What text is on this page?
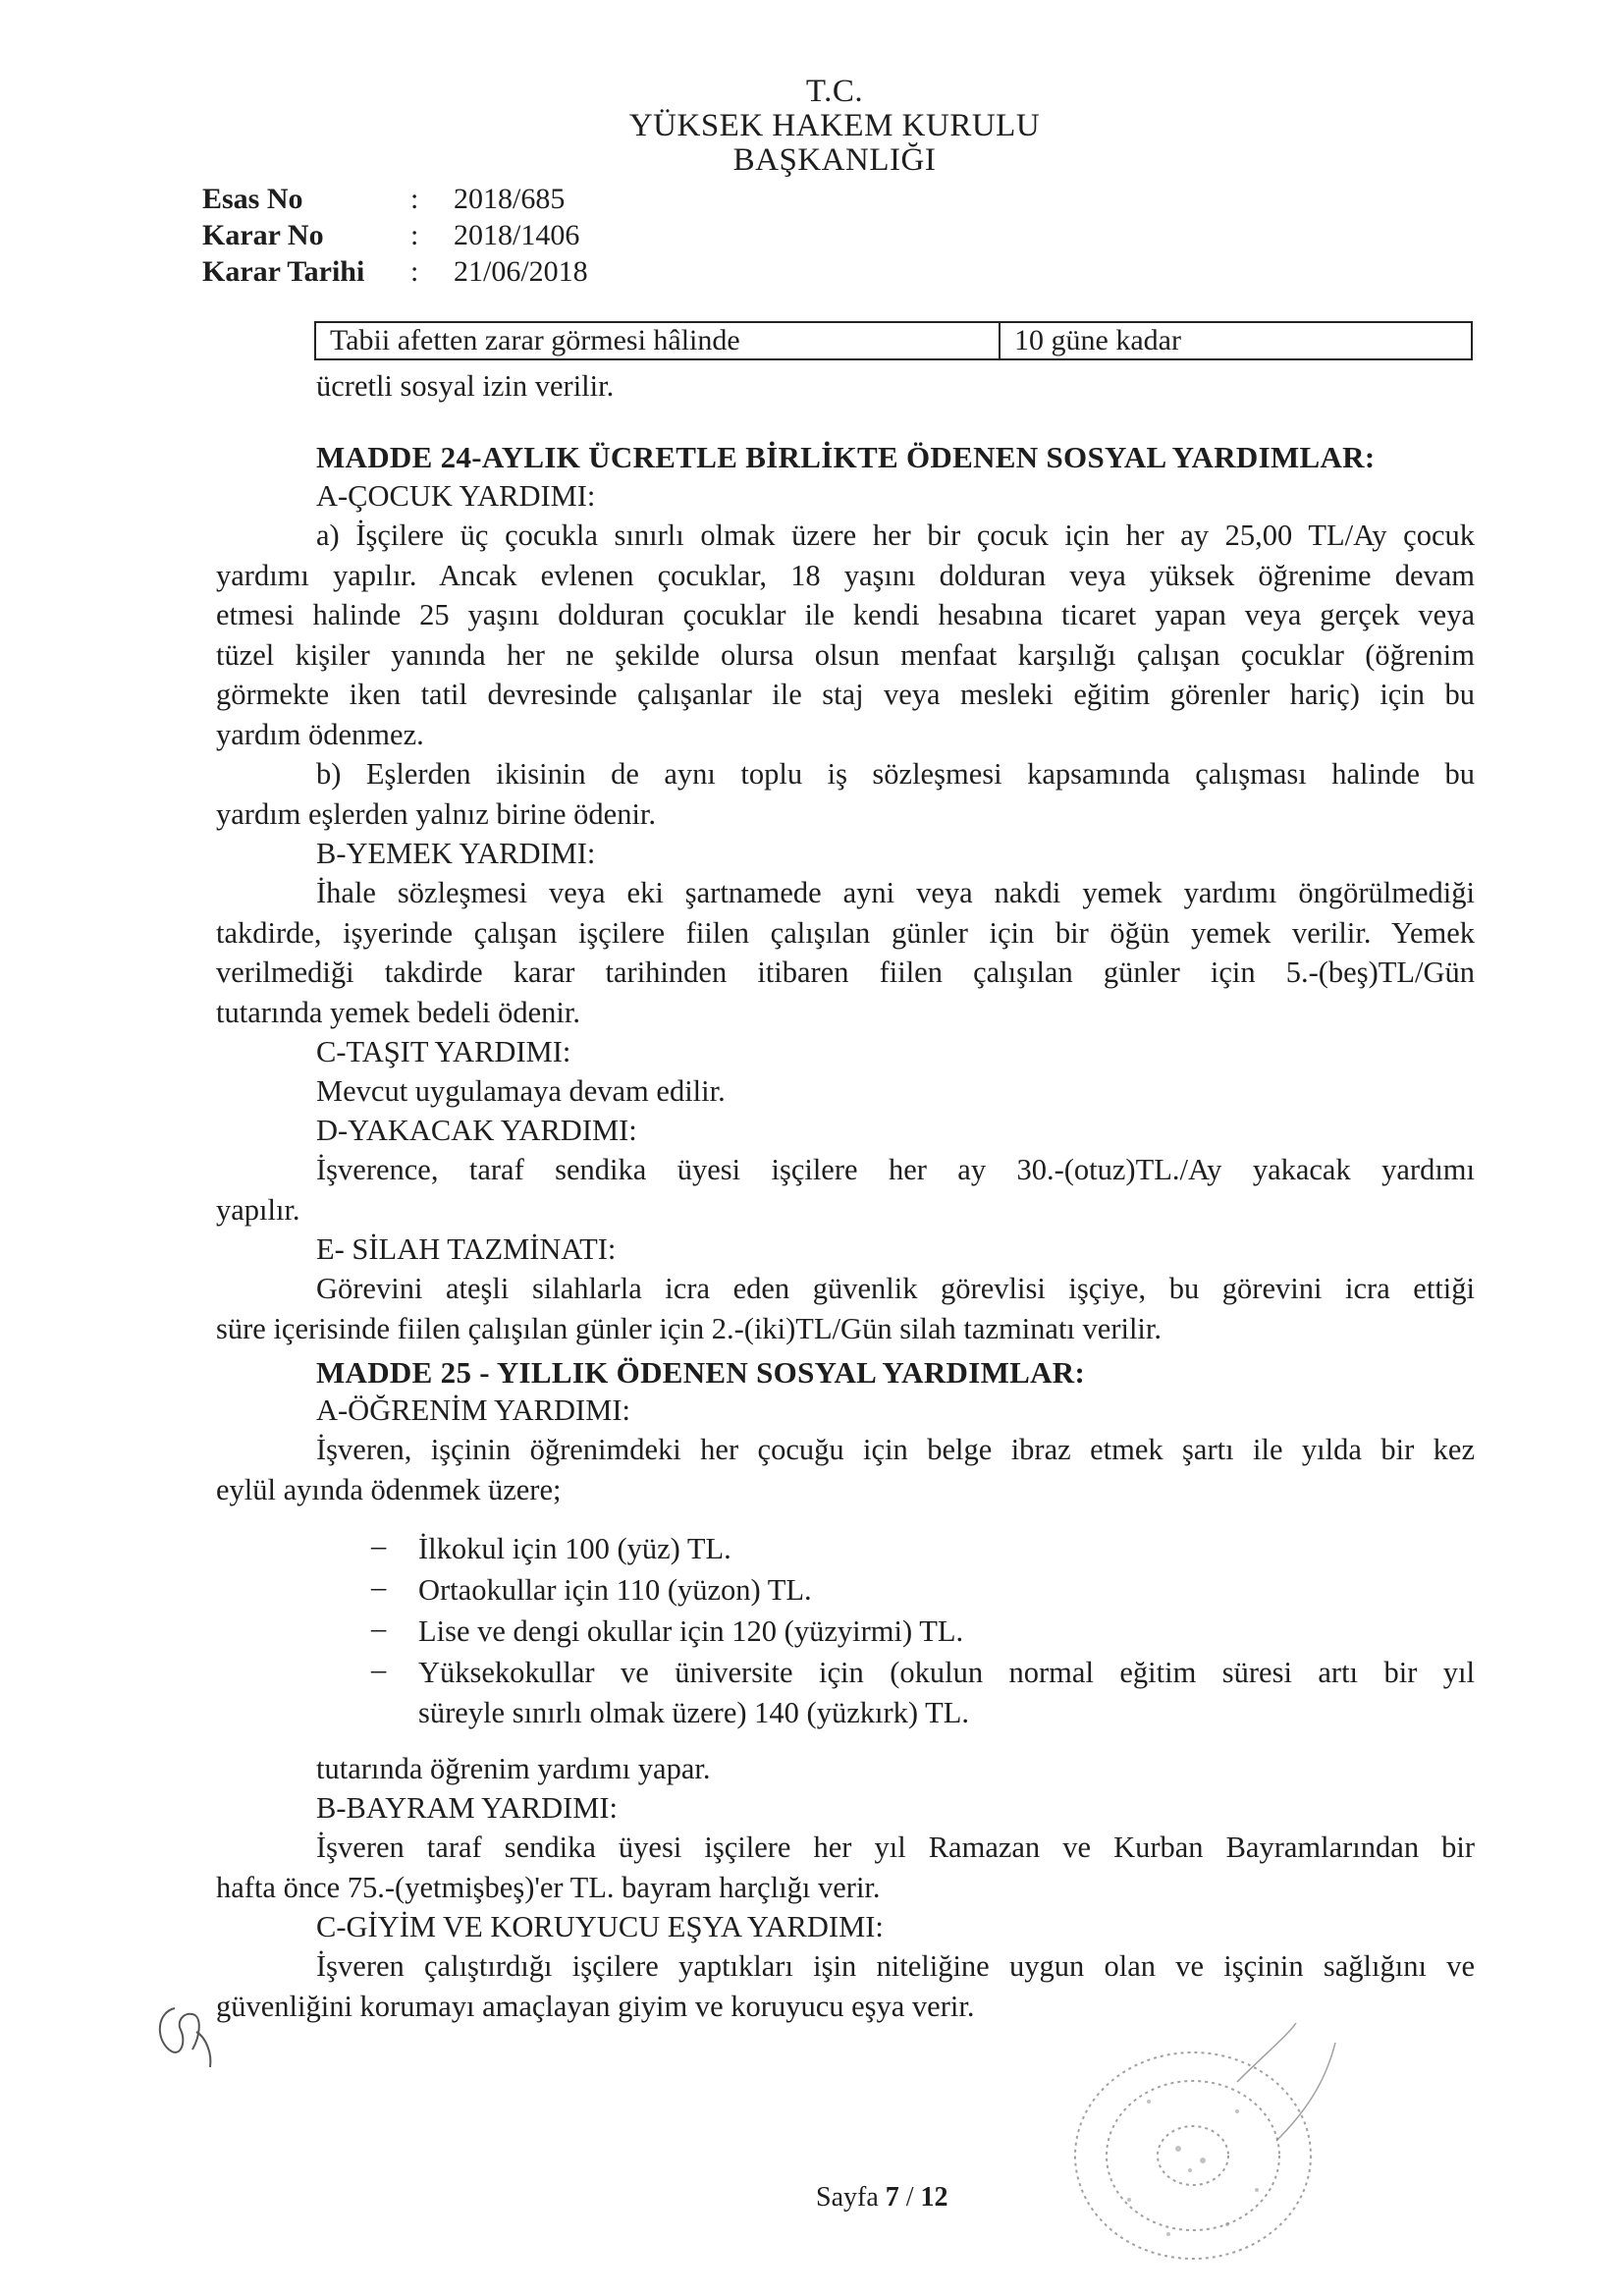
T.C.
YÜKSEK HAKEM KURULU
BAŞKANLIĞI
Esas No	: 2018/685
Karar No	: 2018/1406
Karar Tarihi : 21/06/2018
Tabii afetten zarar görmesi hâlinde	10 güne kadar
ücretli sosyal izin verilir.
MADDE 24-AYLIK ÜCRETLE BİRLİKTE ÖDENEN SOSYAL YARDIMLAR:
A-ÇOCUK YARDIMI:
a) İşçilere üç çocukla sınırlı olmak üzere her bir çocuk için her ay 25,00 TL/Ay çocuk
yardımı yapılır. Ancak evlenen çocuklar, 18 yaşını dolduran veya yüksek öğrenime devam
etmesi halinde 25 yaşını dolduran çocuklar ile kendi hesabına ticaret yapan veya gerçek veya
tüzel kişiler yanında her ne şekilde olursa olsun menfaat karşılığı çalışan çocuklar (öğrenim
görmekte iken tatil devresinde çalışanlar ile staj veya mesleki eğitim görenler hariç) için bu
yardım ödenmez.
b) Eşlerden ikisinin de aynı toplu iş sözleşmesi kapsamında çalışması halinde bu
yardım eşlerden yalnız birine ödenir.
B-YEMEK YARDIMI:
İhale sözleşmesi veya eki şartnamede ayni veya nakdi yemek yardımı öngörülmediği
takdirde, işyerinde çalışan işçilere fiilen çalışılan günler için bir öğün yemek verilir. Yemek
verilmediği takdirde karar tarihinden itibaren fiilen çalışılan günler için 5.-(beş)TL/Gün
tutarında yemek bedeli ödenir.
C-TAŞIT YARDIMI:
Mevcut uygulamaya devam edilir.
D-YAKACAK YARDIMI:
İşverence, taraf sendika üyesi işçilere her ay 30.-(otuz)TL./Ay yakacak yardımı
yapılır.
E- SİLAH TAZMİNATI:
Görevini ateşli silahlarla icra eden güvenlik görevlisi işçiye, bu görevini icra ettiği
süre içerisinde fiilen çalışılan günler için 2.-(iki)TL/Gün silah tazminatı verilir.
MADDE 25 - YILLIK ÖDENEN SOSYAL YARDIMLAR:
A-ÖĞRENİM YARDIMI:
İşveren, işçinin öğrenimdeki her çocuğu için belge ibraz etmek şartı ile yılda bir kez
eylül ayında ödenmek üzere;
– İlkokul için 100 (yüz) TL.
– Ortaokullar için 110 (yüzon) TL.
– Lise ve dengi okullar için 120 (yüzyirmi) TL.
– Yüksekokullar ve üniversite için (okulun normal eğitim süresi artı bir yıl
süreyle sınırlı olmak üzere) 140 (yüzkırk) TL.
tutarında öğrenim yardımı yapar.
B-BAYRAM YARDIMI:
İşveren taraf sendika üyesi işçilere her yıl Ramazan ve Kurban Bayramlarından bir
hafta önce 75.-(yetmişbeş)'er TL. bayram harçlığı verir.
C-GİYİM VE KORUYUCU EŞYA YARDIMI:
İşveren çalıştırdığı işçilere yaptıkları işin niteliğine uygun olan ve işçinin sağlığını ve
güvenliğini korumayı amaçlayan giyim ve koruyucu eşya verir.
Sayfa 7 / 12
